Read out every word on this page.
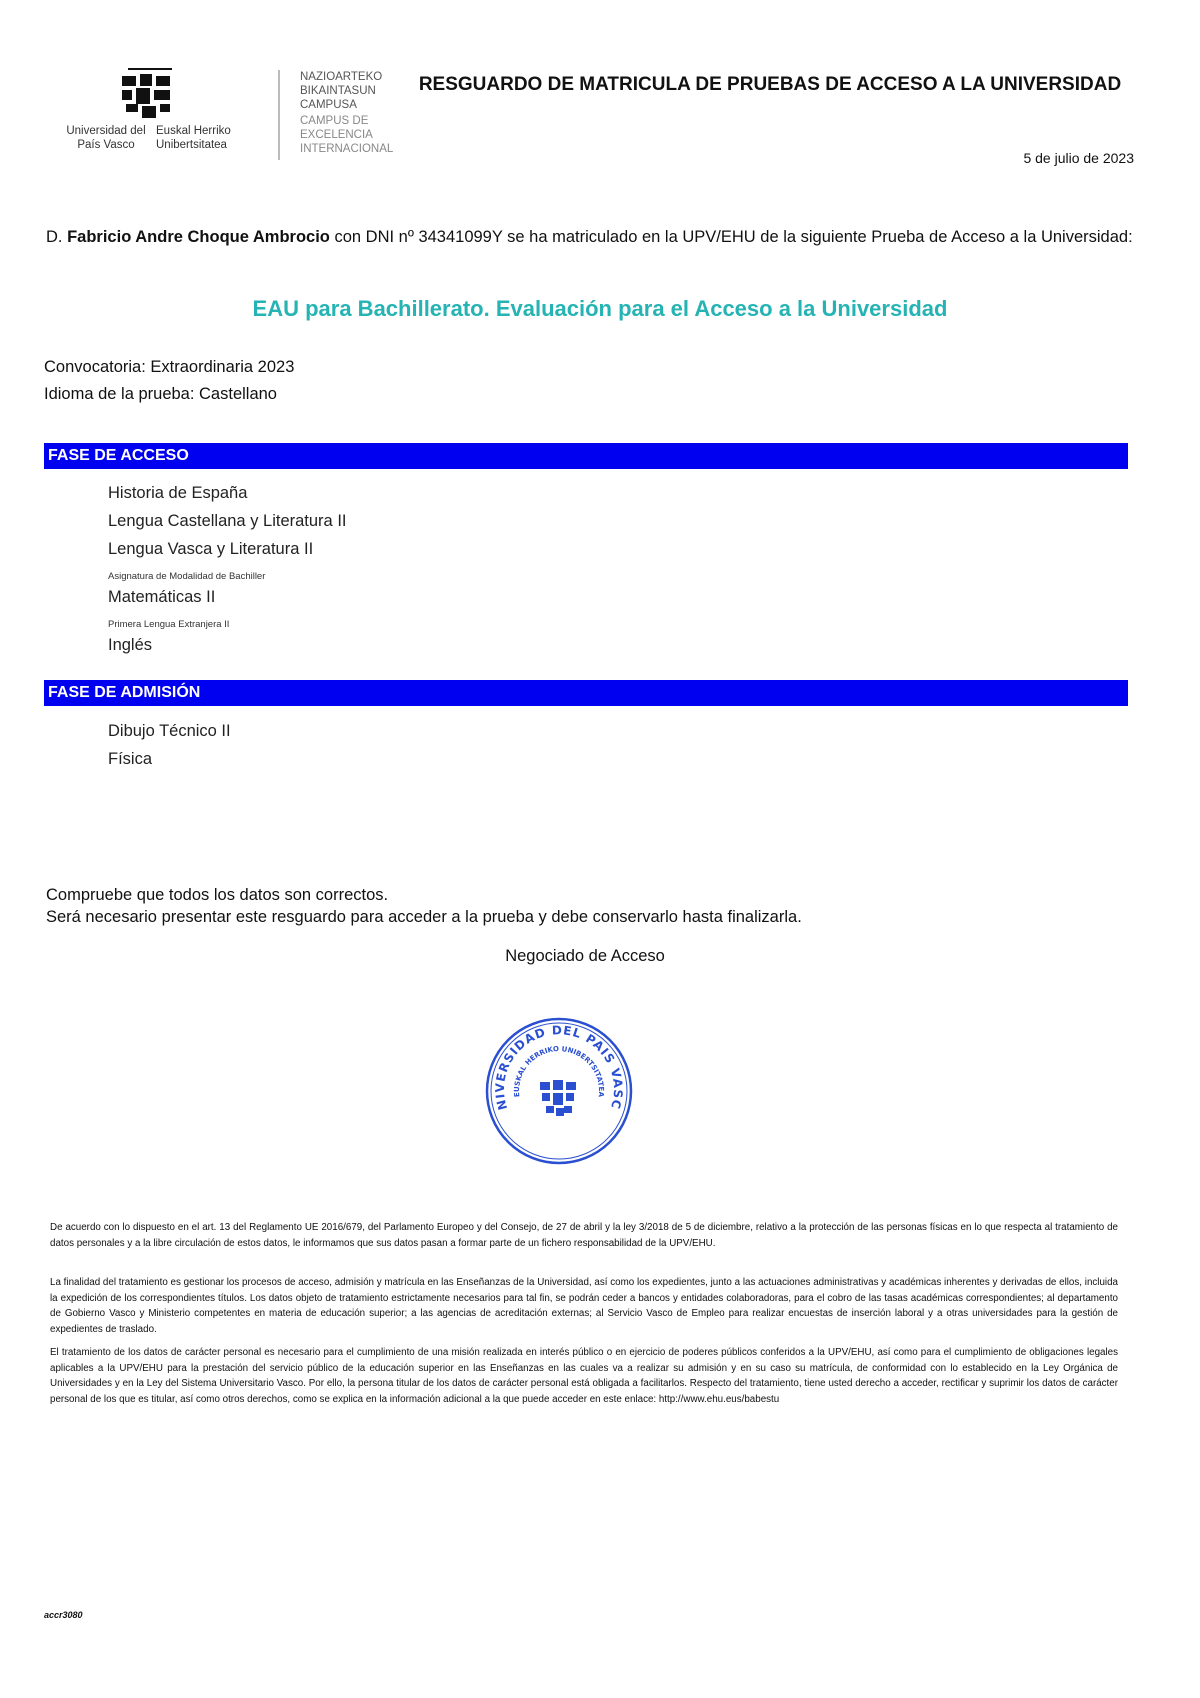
Universidad del País Vasco
Euskal Herriko Unibertsitatea
NAZIOARTEKO BIKAINTASUN CAMPUSA
CAMPUS DE EXCELENCIA INTERNACIONAL
RESGUARDO DE MATRICULA DE PRUEBAS DE ACCESO A LA UNIVERSIDAD
5 de julio de 2023
D. Fabricio Andre Choque Ambrocio con DNI nº 34341099Y se ha matriculado en la UPV/EHU de la siguiente Prueba de Acceso a la Universidad:
EAU para Bachillerato. Evaluación para el Acceso a la Universidad
Convocatoria: Extraordinaria 2023
Idioma de la prueba: Castellano
FASE DE ACCESO
Historia de España
Lengua Castellana y Literatura II
Lengua Vasca y Literatura II
Asignatura de Modalidad de Bachiller
Matemáticas II
Primera Lengua Extranjera II
Inglés
FASE DE ADMISIÓN
Dibujo Técnico II
Física
Compruebe que todos los datos son correctos.
Será necesario presentar este resguardo para acceder a la prueba y debe conservarlo hasta finalizarla.
Negociado de Acceso
NIVERSIDAD DEL PAIS VASC
EUSKAL HERRIKO UNIBERTSITATEA
De acuerdo con lo dispuesto en el art. 13 del Reglamento UE 2016/679, del Parlamento Europeo y del Consejo, de 27 de abril y la ley 3/2018 de 5 de diciembre, relativo a la protección de las personas físicas en lo que respecta al tratamiento de datos personales y a la libre circulación de estos datos, le informamos que sus datos pasan a formar parte de un fichero responsabilidad de la UPV/EHU.
La finalidad del tratamiento es gestionar los procesos de acceso, admisión y matrícula en las Enseñanzas de la Universidad, así como los expedientes, junto a las actuaciones administrativas y académicas inherentes y derivadas de ellos, incluida la expedición de los correspondientes títulos. Los datos objeto de tratamiento estrictamente necesarios para tal fin, se podrán ceder a bancos y entidades colaboradoras, para el cobro de las tasas académicas correspondientes; al departamento de Gobierno Vasco y Ministerio competentes en materia de educación superior; a las agencias de acreditación externas; al Servicio Vasco de Empleo para realizar encuestas de inserción laboral y a otras universidades para la gestión de expedientes de traslado.
El tratamiento de los datos de carácter personal es necesario para el cumplimiento de una misión realizada en interés público o en ejercicio de poderes públicos conferidos a la UPV/EHU, así como para el cumplimiento de obligaciones legales aplicables a la UPV/EHU para la prestación del servicio público de la educación superior en las Enseñanzas en las cuales va a realizar su admisión y en su caso su matrícula, de conformidad con lo establecido en la Ley Orgánica de Universidades y en la Ley del Sistema Universitario Vasco. Por ello, la persona titular de los datos de carácter personal está obligada a facilitarlos. Respecto del tratamiento, tiene usted derecho a acceder, rectificar y suprimir los datos de carácter personal de los que es titular, así como otros derechos, como se explica en la información adicional a la que puede acceder en este enlace: http://www.ehu.eus/babestu
accr3080
